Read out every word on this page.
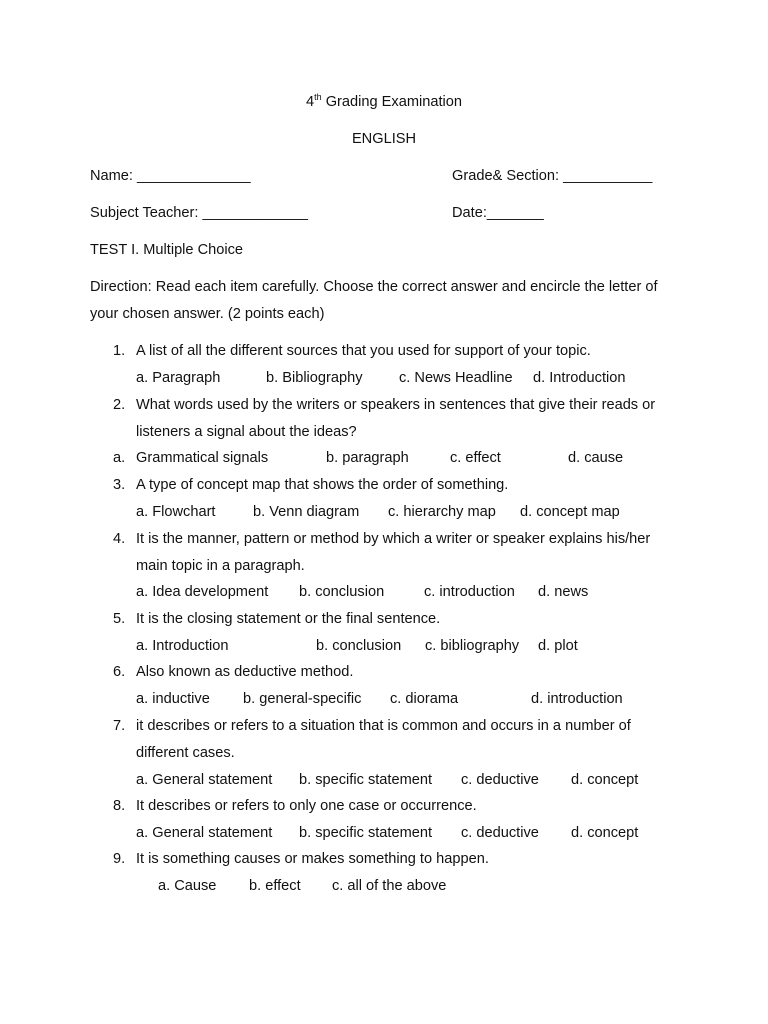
4th Grading Examination
ENGLISH
Name: ______________	Grade& Section: ___________
Subject Teacher: _____________	Date:_______
TEST I. Multiple Choice
Direction: Read each item carefully. Choose the correct answer and encircle the letter of
your chosen answer. (2 points each)
1. A list of all the different sources that you used for support of your topic.
a. Paragraph	b. Bibliography c. News Headline d. Introduction
2. What words used by the writers or speakers in sentences that give their reads or
listeners a signal about the ideas?
a. Grammatical signals	b. paragraph	c. effect	d. cause
3. A type of concept map that shows the order of something.
a. Flowchart	b. Venn diagram c. hierarchy map d. concept map
4. It is the manner, pattern or method by which a writer or speaker explains his/her
main topic in a paragraph.
a. Idea development b. conclusion	c. introduction d. news
5. It is the closing statement or the final sentence.
a. Introduction	b. conclusion c. bibliography d. plot
6. Also known as deductive method.
a. inductive b. general-specific c. diorama	d. introduction
7. it describes or refers to a situation that is common and occurs in a number of
different cases.
a. General statement b. specific statement c. deductive d. concept
8. It describes or refers to only one case or occurrence.
a. General statement b. specific statement c. deductive d. concept
9. It is something causes or makes something to happen.
a. Cause b. effect c. all of the above
